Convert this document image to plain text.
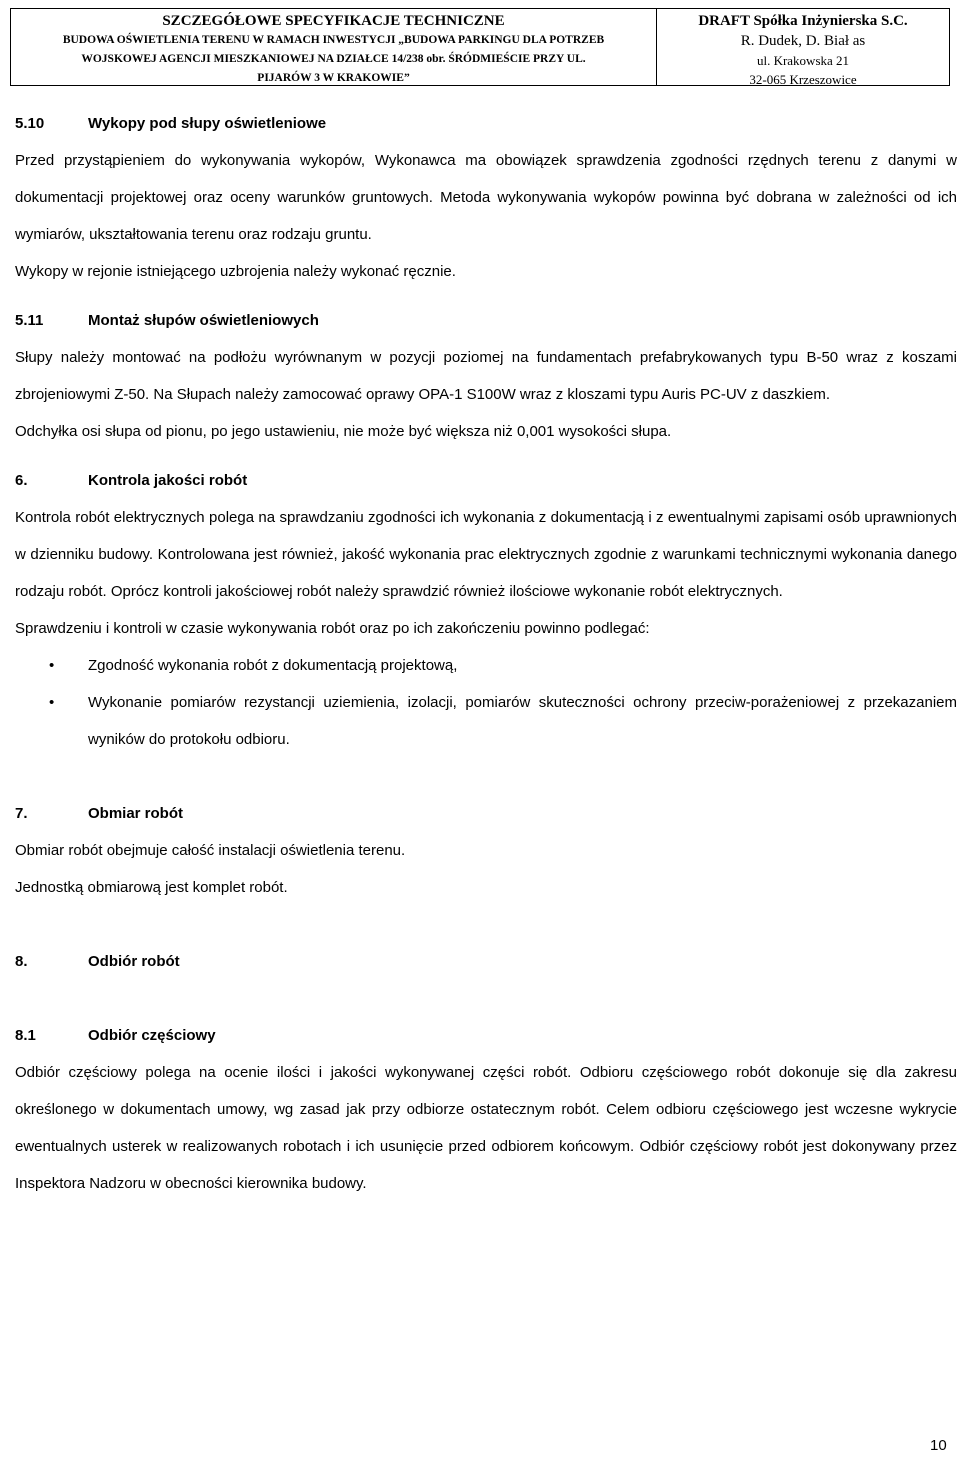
SZCZEGÓŁOWE SPECYFIKACJE TECHNICZNE
BUDOWA OŚWIETLENIA TERENU W RAMACH INWESTYCJI „BUDOWA PARKINGU DLA POTRZEB
WOJSKOWEJ AGENCJI MIESZKANIOWEJ NA DZIAŁCE 14/238 obr. ŚRÓDMIEŚCIE PRZY UL.
PIJARÓW 3 W KRAKOWIE”
DRAFT Spółka Inżynierska S.C.
R. Dudek, D. Biał as
ul. Krakowska 21
32-065 Krzeszowice
5.10	Wykopy pod słupy oświetleniowe

Przed przystąpieniem do wykonywania wykopów, Wykonawca ma obowiązek sprawdzenia zgodności rzędnych terenu z danymi w dokumentacji projektowej oraz oceny warunków gruntowych. Metoda wykonywania wykopów powinna być dobrana w zależności od ich wymiarów, ukształtowania terenu oraz rodzaju gruntu.

Wykopy w rejonie istniejącego uzbrojenia należy wykonać ręcznie.

5.11	Montaż słupów oświetleniowych

Słupy należy montować na podłożu wyrównanym w pozycji poziomej na fundamentach prefabrykowanych typu B-50 wraz z koszami zbrojeniowymi Z-50. Na Słupach należy zamocować oprawy OPA-1 S100W wraz z kloszami typu Auris PC-UV z daszkiem.

Odchyłka osi słupa od pionu, po jego ustawieniu, nie może być większa niż 0,001 wysokości słupa.

6.	Kontrola jakości robót

Kontrola robót elektrycznych polega na sprawdzaniu zgodności ich wykonania z dokumentacją i z ewentualnymi zapisami osób uprawnionych w dzienniku budowy. Kontrolowana jest również, jakość wykonania prac elektrycznych zgodnie z warunkami technicznymi wykonania danego rodzaju robót. Oprócz kontroli jakościowej robót należy sprawdzić również ilościowe wykonanie robót elektrycznych.

Sprawdzeniu i kontroli w czasie wykonywania robót oraz po ich zakończeniu powinno podlegać:

•	Zgodność wykonania robót z dokumentacją projektową,
•	Wykonanie pomiarów rezystancji uziemienia, izolacji, pomiarów skuteczności ochrony przeciw-porażeniowej z przekazaniem wyników do protokołu odbioru.
7.	Obmiar robót

Obmiar robót obejmuje całość instalacji oświetlenia terenu.

Jednostką obmiarową jest komplet robót.

8.	Odbiór robót
8.1	Odbiór częściowy

Odbiór częściowy polega na ocenie ilości i jakości wykonywanej części robót. Odbioru częściowego robót dokonuje się dla zakresu określonego w dokumentach umowy, wg zasad jak przy odbiorze ostatecznym robót. Celem odbioru częściowego jest wczesne wykrycie ewentualnych usterek w realizowanych robotach i ich usunięcie przed odbiorem końcowym. Odbiór częściowy robót jest dokonywany przez Inspektora Nadzoru w obecności kierownika budowy.

10
